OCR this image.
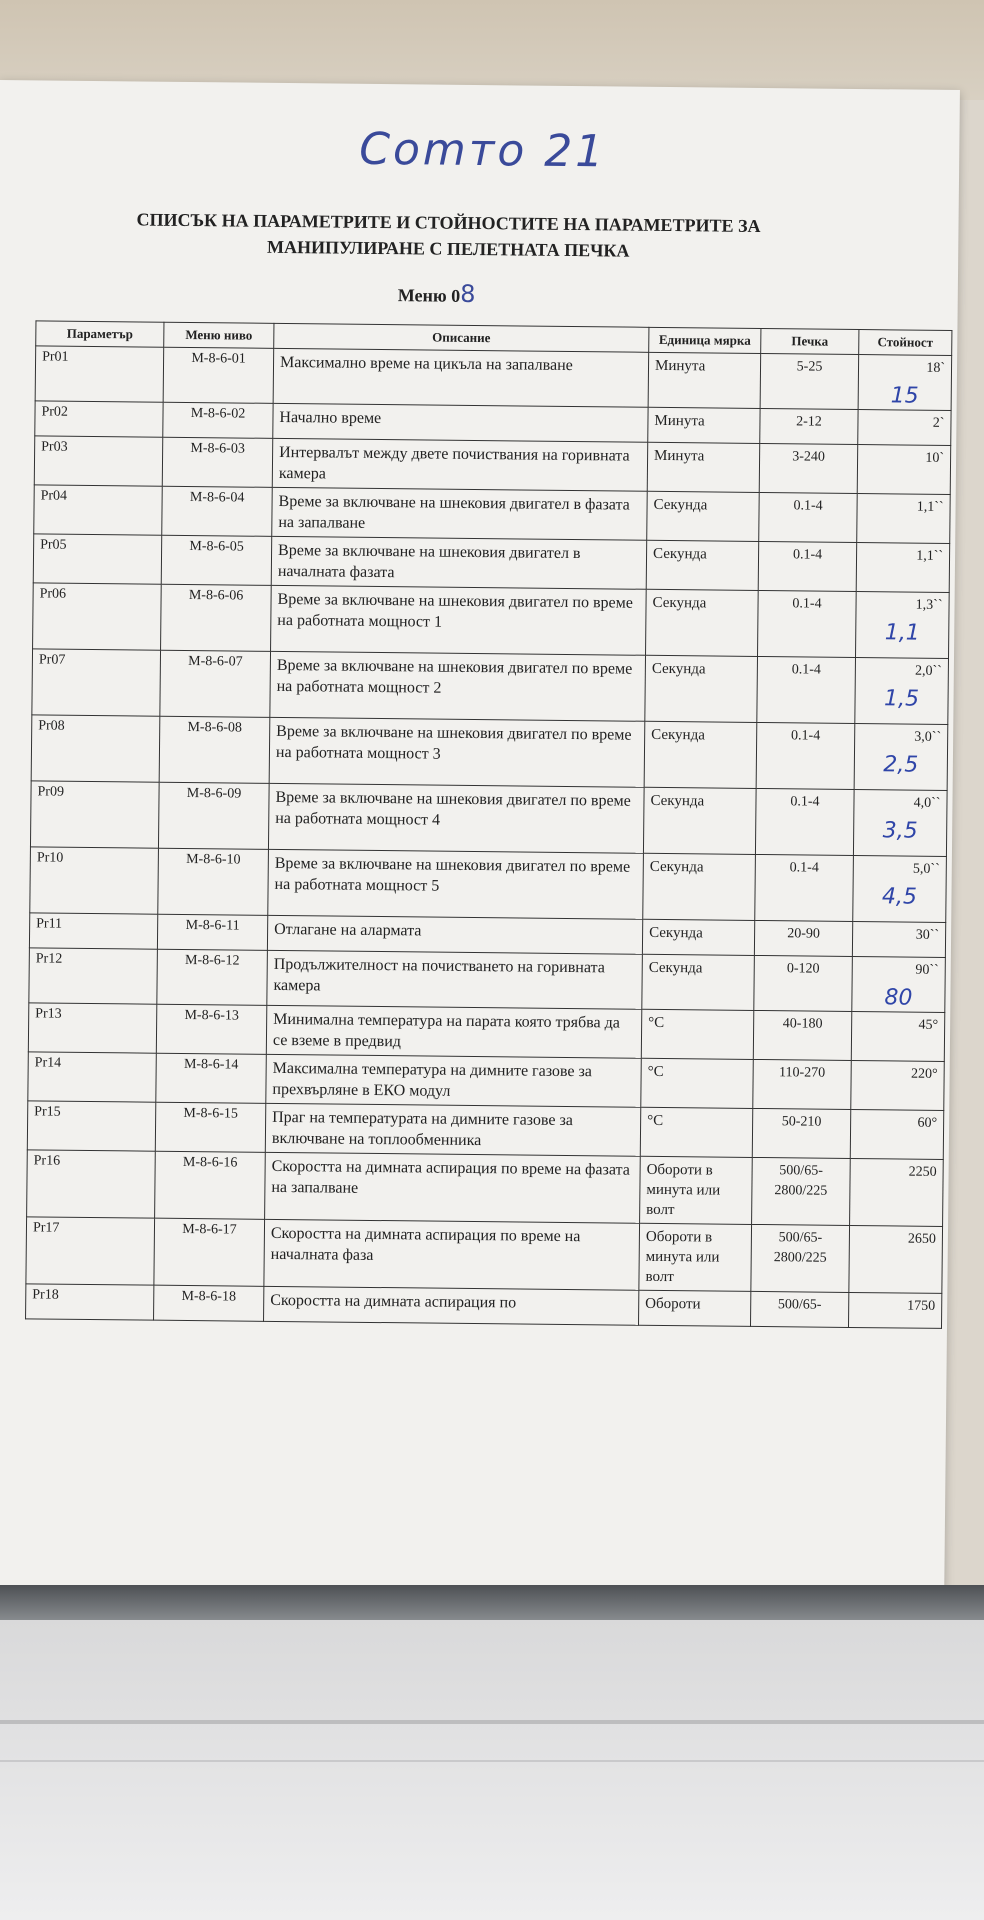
Comто 21
СПИСЪК НА ПАРАМЕТРИТЕ И СТОЙНОСТИТЕ НА ПАРАМЕТРИТЕ ЗА МАНИПУЛИРАНЕ С ПЕЛЕТНАТА ПЕЧКА
Меню 08
Параметър	Меню ниво	Описание	Единица мярка	Печка	Стойност
Pr01	M-8-6-01	Максимално време на цикъла на запалване	Минута	5-25	18`
15

Pr02	M-8-6-02	Начално време	Минута	2-12	2`

Pr03	M-8-6-03	Интервалът между двете почиствания на горивната камера	Минута	3-240	10`

Pr04	M-8-6-04	Време за включване на шнековия двигател в фазата на запалване	Секунда	0.1-4	1,1``

Pr05	M-8-6-05	Време за включване на шнековия двигател в началната фазата	Секунда	0.1-4	1,1``

Pr06	M-8-6-06	Време за включване на шнековия двигател по време на работната мощност 1	Секунда	0.1-4	1,3``
1,1

Pr07	M-8-6-07	Време за включване на шнековия двигател по време на работната мощност 2	Секунда	0.1-4	2,0``
1,5

Pr08	M-8-6-08	Време за включване на шнековия двигател по време на работната мощност 3	Секунда	0.1-4	3,0``
2,5

Pr09	M-8-6-09	Време за включване на шнековия двигател по време на работната мощност 4	Секунда	0.1-4	4,0``
3,5

Pr10	M-8-6-10	Време за включване на шнековия двигател по време на работната мощност 5	Секунда	0.1-4	5,0``
4,5

Pr11	M-8-6-11	Отлагане на алармата	Секунда	20-90	30``

Pr12	M-8-6-12	Продължителност на почистването на горивната камера	Секунда	0-120	90``
80

Pr13	M-8-6-13	Минимална температура на парата която трябва да се вземе в предвид	°C	40-180	45°

Pr14	M-8-6-14	Максимална температура на димните газове за прехвърляне в ЕКО модул	°C	110-270	220°

Pr15	M-8-6-15	Праг на температурата на димните газове за включване на топлообменника	°C	50-210	60°

Pr16	M-8-6-16	Скоростта на димната аспирация по време на фазата на запалване	Обороти в минута или волт	500/65-2800/225	2250

Pr17	M-8-6-17	Скоростта на димната аспирация по време на началната фаза	Обороти в минута или волт	500/65-2800/225	2650

Pr18	M-8-6-18	Скоростта на димната аспирация по	Обороти	500/65-	1750
